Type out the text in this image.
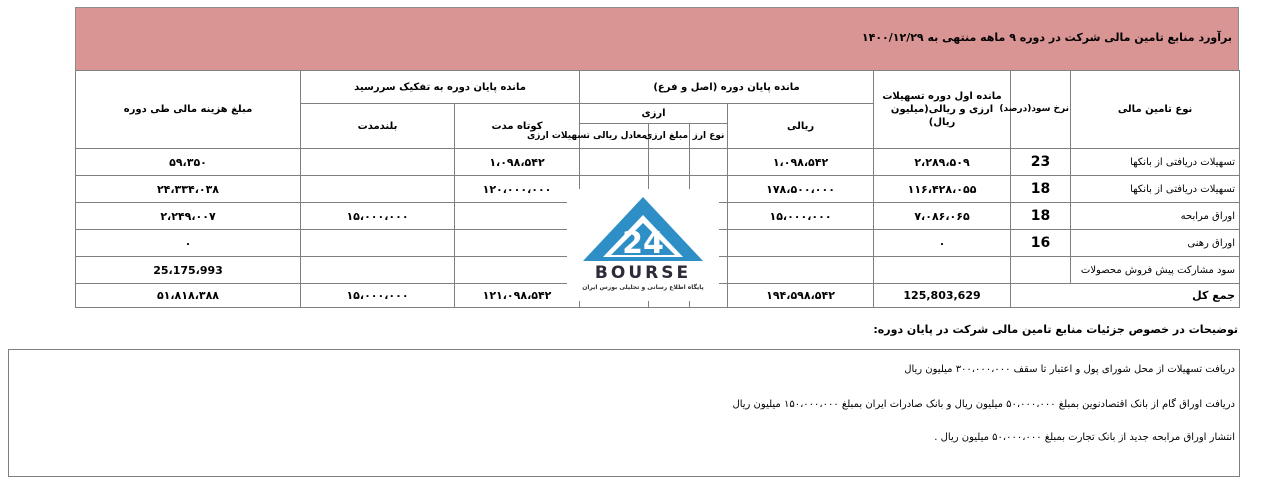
برآورد منابع تامین مالی شرکت در دوره ۹ ماهه منتهی به ۱۴۰۰/۱۲/۲۹
نوع تامین مالی	نرخ سود(درصد)	مانده اول دوره تسهیلات ارزی و ریالی(میلیون ریال)	مانده پایان دوره (اصل و فرع)				مانده پایان دوره به تفکیک سررسید		مبلغ هزینه مالی طی دوره
			ریالی	ارزی			کوتاه مدت	بلندمدت	
				نوع ارز	مبلغ ارزی	معادل ریالی تسهیلات ارزی			
تسهیلات دریافتی از بانکها	23	۲،۲۸۹،۵۰۹	۱،۰۹۸،۵۴۲				۱،۰۹۸،۵۴۲		۵۹،۳۵۰
تسهیلات دریافتی از بانکها	18	۱۱۶،۴۲۸،۰۵۵	۱۷۸،۵۰۰،۰۰۰				۱۲۰،۰۰۰،۰۰۰		۲۴،۳۳۴،۰۳۸
اوراق مرابحه	18	۷،۰۸۶،۰۶۵	۱۵،۰۰۰،۰۰۰					۱۵،۰۰۰،۰۰۰	۲،۲۴۹،۰۰۷
اوراق رهنی	16	۰							۰
سود مشارکت پیش فروش محصولات									25،175،993
جمع کل		125,803,629	۱۹۴،۵۹۸،۵۴۲				۱۲۱،۰۹۸،۵۴۲	۱۵،۰۰۰،۰۰۰	۵۱،۸۱۸،۳۸۸
24
BOURSE
پایگاه اطلاع رسانی و تحلیلی بورس ایران
توضیحات در خصوص جزئیات منابع تامین مالی شرکت در پایان دوره:
دریافت تسهیلات از محل شورای پول و اعتبار تا سقف ۳۰۰،۰۰۰،۰۰۰ میلیون ریال
دریافت اوراق گام از بانک اقتصادنوین بمبلغ ۵۰،۰۰۰،۰۰۰ میلیون ریال و بانک صادرات ایران بمبلغ ۱۵۰،۰۰۰،۰۰۰ میلیون ریال
انتشار اوراق مرابحه جدید از بانک تجارت بمبلغ ۵۰،۰۰۰،۰۰۰ میلیون ریال .
